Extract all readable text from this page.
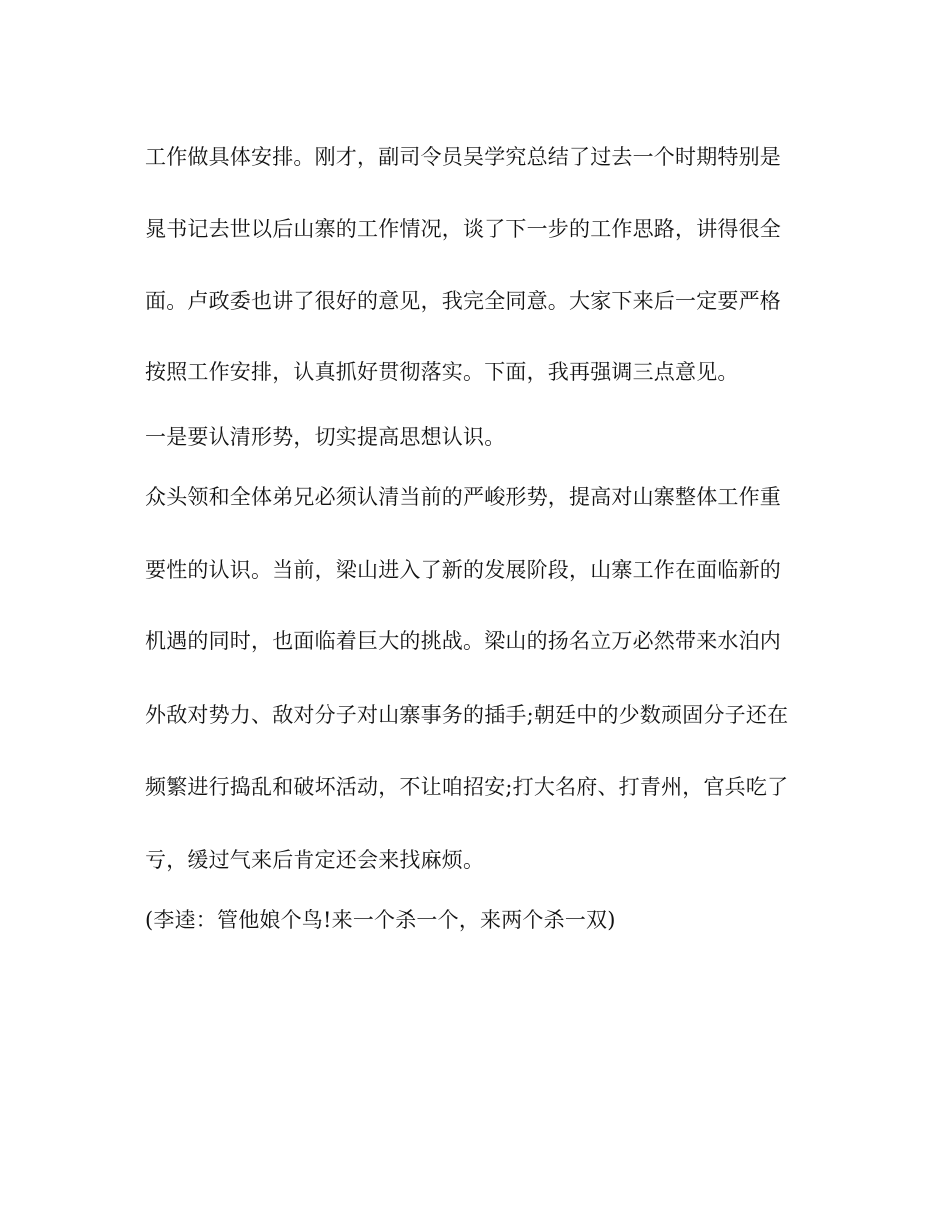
工作做具体安排。刚才，副司令员吴学究总结了过去一个时期特别是
晁书记去世以后山寨的工作情况，谈了下一步的工作思路，讲得很全
面。卢政委也讲了很好的意见，我完全同意。大家下来后一定要严格
按照工作安排，认真抓好贯彻落实。下面，我再强调三点意见。
一是要认清形势，切实提高思想认识。
众头领和全体弟兄必须认清当前的严峻形势，提高对山寨整体工作重
要性的认识。当前，梁山进入了新的发展阶段，山寨工作在面临新的
机遇的同时，也面临着巨大的挑战。梁山的扬名立万必然带来水泊内
外敌对势力、敌对分子对山寨事务的插手;朝廷中的少数顽固分子还在
频繁进行捣乱和破坏活动，不让咱招安;打大名府、打青州，官兵吃了
亏，缓过气来后肯定还会来找麻烦。
(李逵：管他娘个鸟!来一个杀一个，来两个杀一双)
